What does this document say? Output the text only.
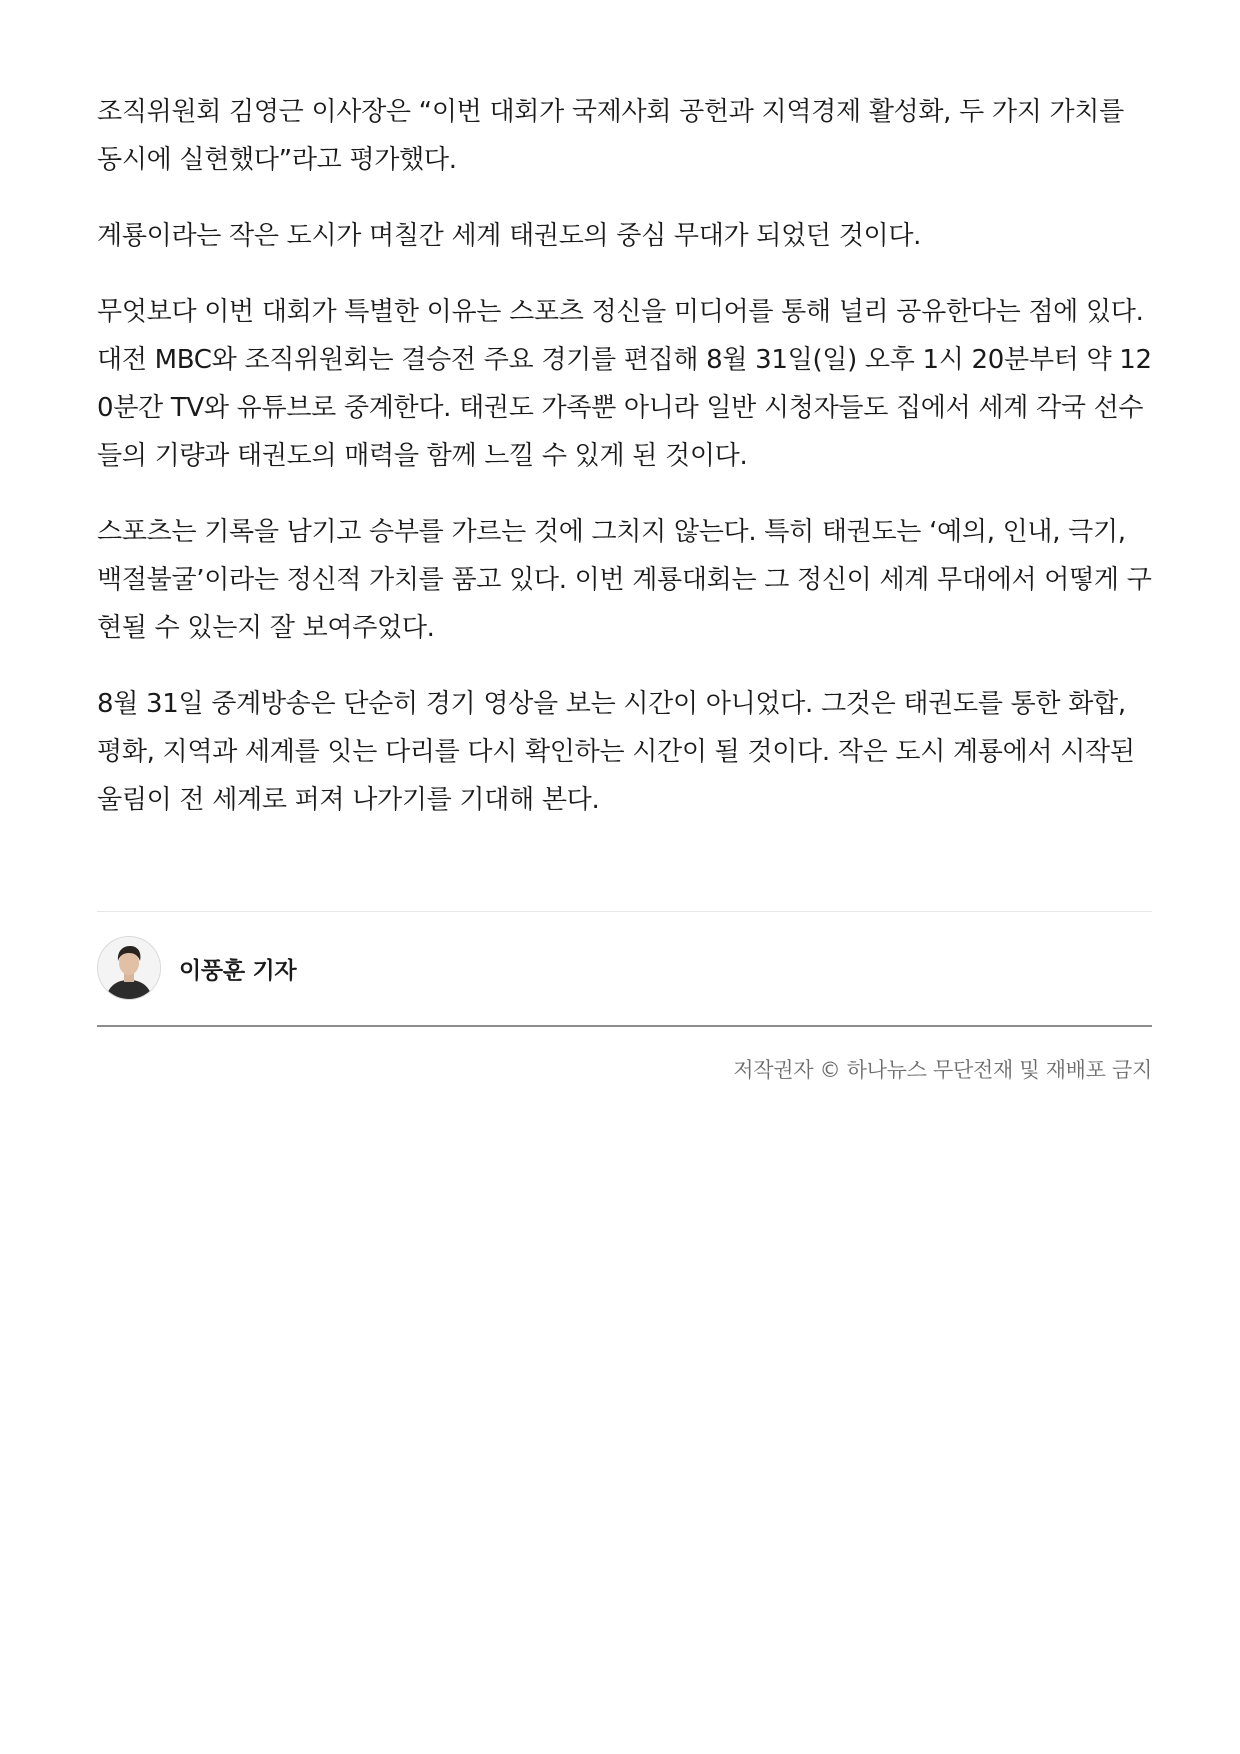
조직위원회 김영근 이사장은 “이번 대회가 국제사회 공헌과 지역경제 활성화, 두 가지 가치를 동시에 실현했다”라고 평가했다.

계룡이라는 작은 도시가 며칠간 세계 태권도의 중심 무대가 되었던 것이다.

무엇보다 이번 대회가 특별한 이유는 스포츠 정신을 미디어를 통해 널리 공유한다는 점에 있다. 대전 MBC와 조직위원회는 결승전 주요 경기를 편집해 8월 31일(일) 오후 1시 20분부터 약 120분간 TV와 유튜브로 중계한다. 태권도 가족뿐 아니라 일반 시청자들도 집에서 세계 각국 선수들의 기량과 태권도의 매력을 함께 느낄 수 있게 된 것이다.

스포츠는 기록을 남기고 승부를 가르는 것에 그치지 않는다. 특히 태권도는 ‘예의, 인내, 극기, 백절불굴’이라는 정신적 가치를 품고 있다. 이번 계룡대회는 그 정신이 세계 무대에서 어떻게 구현될 수 있는지 잘 보여주었다.

8월 31일 중계방송은 단순히 경기 영상을 보는 시간이 아니었다. 그것은 태권도를 통한 화합, 평화, 지역과 세계를 잇는 다리를 다시 확인하는 시간이 될 것이다. 작은 도시 계룡에서 시작된 울림이 전 세계로 퍼져 나가기를 기대해 본다.

이풍훈 기자
저작권자 © 하나뉴스 무단전재 및 재배포 금지
